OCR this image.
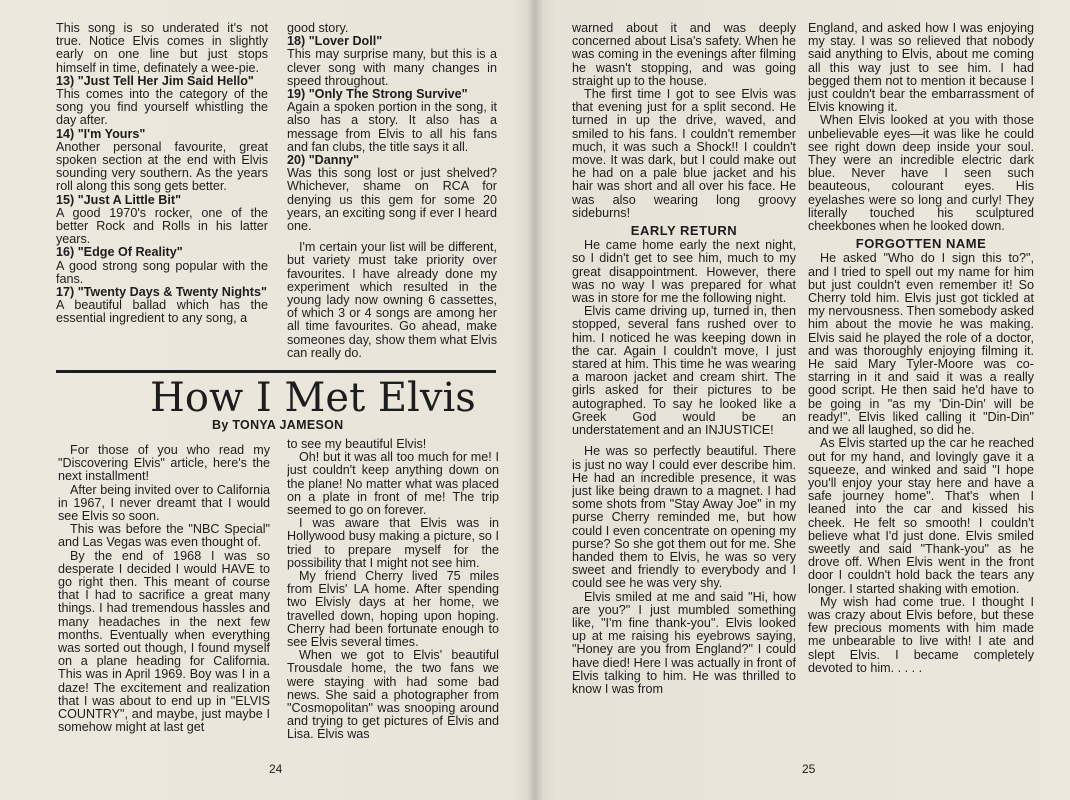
This song is so underated it's not true. Notice Elvis comes in slightly early on one line but just stops himself in time, definately a wee-pie.

13) "Just Tell Her Jim Said Hello"

This comes into the category of the song you find yourself whistling the day after.

14) "I'm Yours"

Another personal favourite, great spoken section at the end with Elvis sounding very southern. As the years roll along this song gets better.

15) "Just A Little Bit"

A good 1970's rocker, one of the better Rock and Rolls in his latter years.

16) "Edge Of Reality"

A good strong song popular with the fans.

17) "Twenty Days & Twenty Nights"

A beautiful ballad which has the essential ingredient to any song, a

good story.

18) "Lover Doll"

This may surprise many, but this is a clever song with many changes in speed throughout.

19) "Only The Strong Survive"

Again a spoken portion in the song, it also has a story. It also has a message from Elvis to all his fans and fan clubs, the title says it all.

20) "Danny"

Was this song lost or just shelved? Whichever, shame on RCA for denying us this gem for some 20 years, an exciting song if ever I heard one.

I'm certain your list will be different, but variety must take priority over favourites. I have already done my experiment which resulted in the young lady now owning 6 cassettes, of which 3 or 4 songs are among her all time favourites. Go ahead, make someones day, show them what Elvis can really do.

How I Met Elvis
By TONYA JAMESON

For those of you who read my "Discovering Elvis" article, here's the next installment!

After being invited over to California in 1967, I never dreamt that I would see Elvis so soon.

This was before the "NBC Special" and Las Vegas was even thought of.

By the end of 1968 I was so desperate I decided I would HAVE to go right then. This meant of course that I had to sacrifice a great many things. I had tremendous hassles and many headaches in the next few months. Eventually when everything was sorted out though, I found myself on a plane heading for California. This was in April 1969. Boy was I in a daze! The excitement and realization that I was about to end up in "ELVIS COUNTRY", and maybe, just maybe I somehow might at last get

to see my beautiful Elvis!

Oh! but it was all too much for me! I just couldn't keep anything down on the plane! No matter what was placed on a plate in front of me! The trip seemed to go on forever.

I was aware that Elvis was in Hollywood busy making a picture, so I tried to prepare myself for the possibility that I might not see him.

My friend Cherry lived 75 miles from Elvis' LA home. After spending two Elvisly days at her home, we travelled down, hoping upon hoping. Cherry had been fortunate enough to see Elvis several times.

When we got to Elvis' beautiful Trousdale home, the two fans we were staying with had some bad news. She said a photographer from "Cosmopolitan" was snooping around and trying to get pictures of Elvis and Lisa. Elvis was

24

warned about it and was deeply concerned about Lisa's safety. When he was coming in the evenings after filming he wasn't stopping, and was going straight up to the house.

The first time I got to see Elvis was that evening just for a split second. He turned in up the drive, waved, and smiled to his fans. I couldn't remember much, it was such a Shock!! I couldn't move. It was dark, but I could make out he had on a pale blue jacket and his hair was short and all over his face. He was also wearing long groovy sideburns!

EARLY RETURN

He came home early the next night, so I didn't get to see him, much to my great disappointment. However, there was no way I was prepared for what was in store for me the following night.

Elvis came driving up, turned in, then stopped, several fans rushed over to him. I noticed he was keeping down in the car. Again I couldn't move, I just stared at him. This time he was wearing a maroon jacket and cream shirt. The girls asked for their pictures to be autographed. To say he looked like a Greek God would be an understatement and an INJUSTICE!

He was so perfectly beautiful. There is just no way I could ever describe him. He had an incredible presence, it was just like being drawn to a magnet. I had some shots from "Stay Away Joe" in my purse Cherry reminded me, but how could I even concentrate on opening my purse? So she got them out for me. She handed them to Elvis, he was so very sweet and friendly to everybody and I could see he was very shy.

Elvis smiled at me and said "Hi, how are you?" I just mumbled something like, "I'm fine thank-you". Elvis looked up at me raising his eyebrows saying, "Honey are you from England?" I could have died! Here I was actually in front of Elvis talking to him. He was thrilled to know I was from

England, and asked how I was enjoying my stay. I was so relieved that nobody said anything to Elvis, about me coming all this way just to see him. I had begged them not to mention it because I just couldn't bear the embarrassment of Elvis knowing it.

When Elvis looked at you with those unbelievable eyes—it was like he could see right down deep inside your soul. They were an incredible electric dark blue. Never have I seen such beauteous, colourant eyes. His eyelashes were so long and curly! They literally touched his sculptured cheekbones when he looked down.

FORGOTTEN NAME

He asked "Who do I sign this to?", and I tried to spell out my name for him but just couldn't even remember it! So Cherry told him. Elvis just got tickled at my nervousness. Then somebody asked him about the movie he was making. Elvis said he played the role of a doctor, and was thoroughly enjoying filming it. He said Mary Tyler-Moore was co-starring in it and said it was a really good script. He then said he'd have to be going in "as my 'Din-Din' will be ready!". Elvis liked calling it "Din-Din" and we all laughed, so did he.

As Elvis started up the car he reached out for my hand, and lovingly gave it a squeeze, and winked and said "I hope you'll enjoy your stay here and have a safe journey home". That's when I leaned into the car and kissed his cheek. He felt so smooth! I couldn't believe what I'd just done. Elvis smiled sweetly and said "Thank-you" as he drove off. When Elvis went in the front door I couldn't hold back the tears any longer. I started shaking with emotion.

My wish had come true. I thought I was crazy about Elvis before, but these few precious moments with him made me unbearable to live with! I ate and slept Elvis. I became completely devoted to him. . . . .

25
